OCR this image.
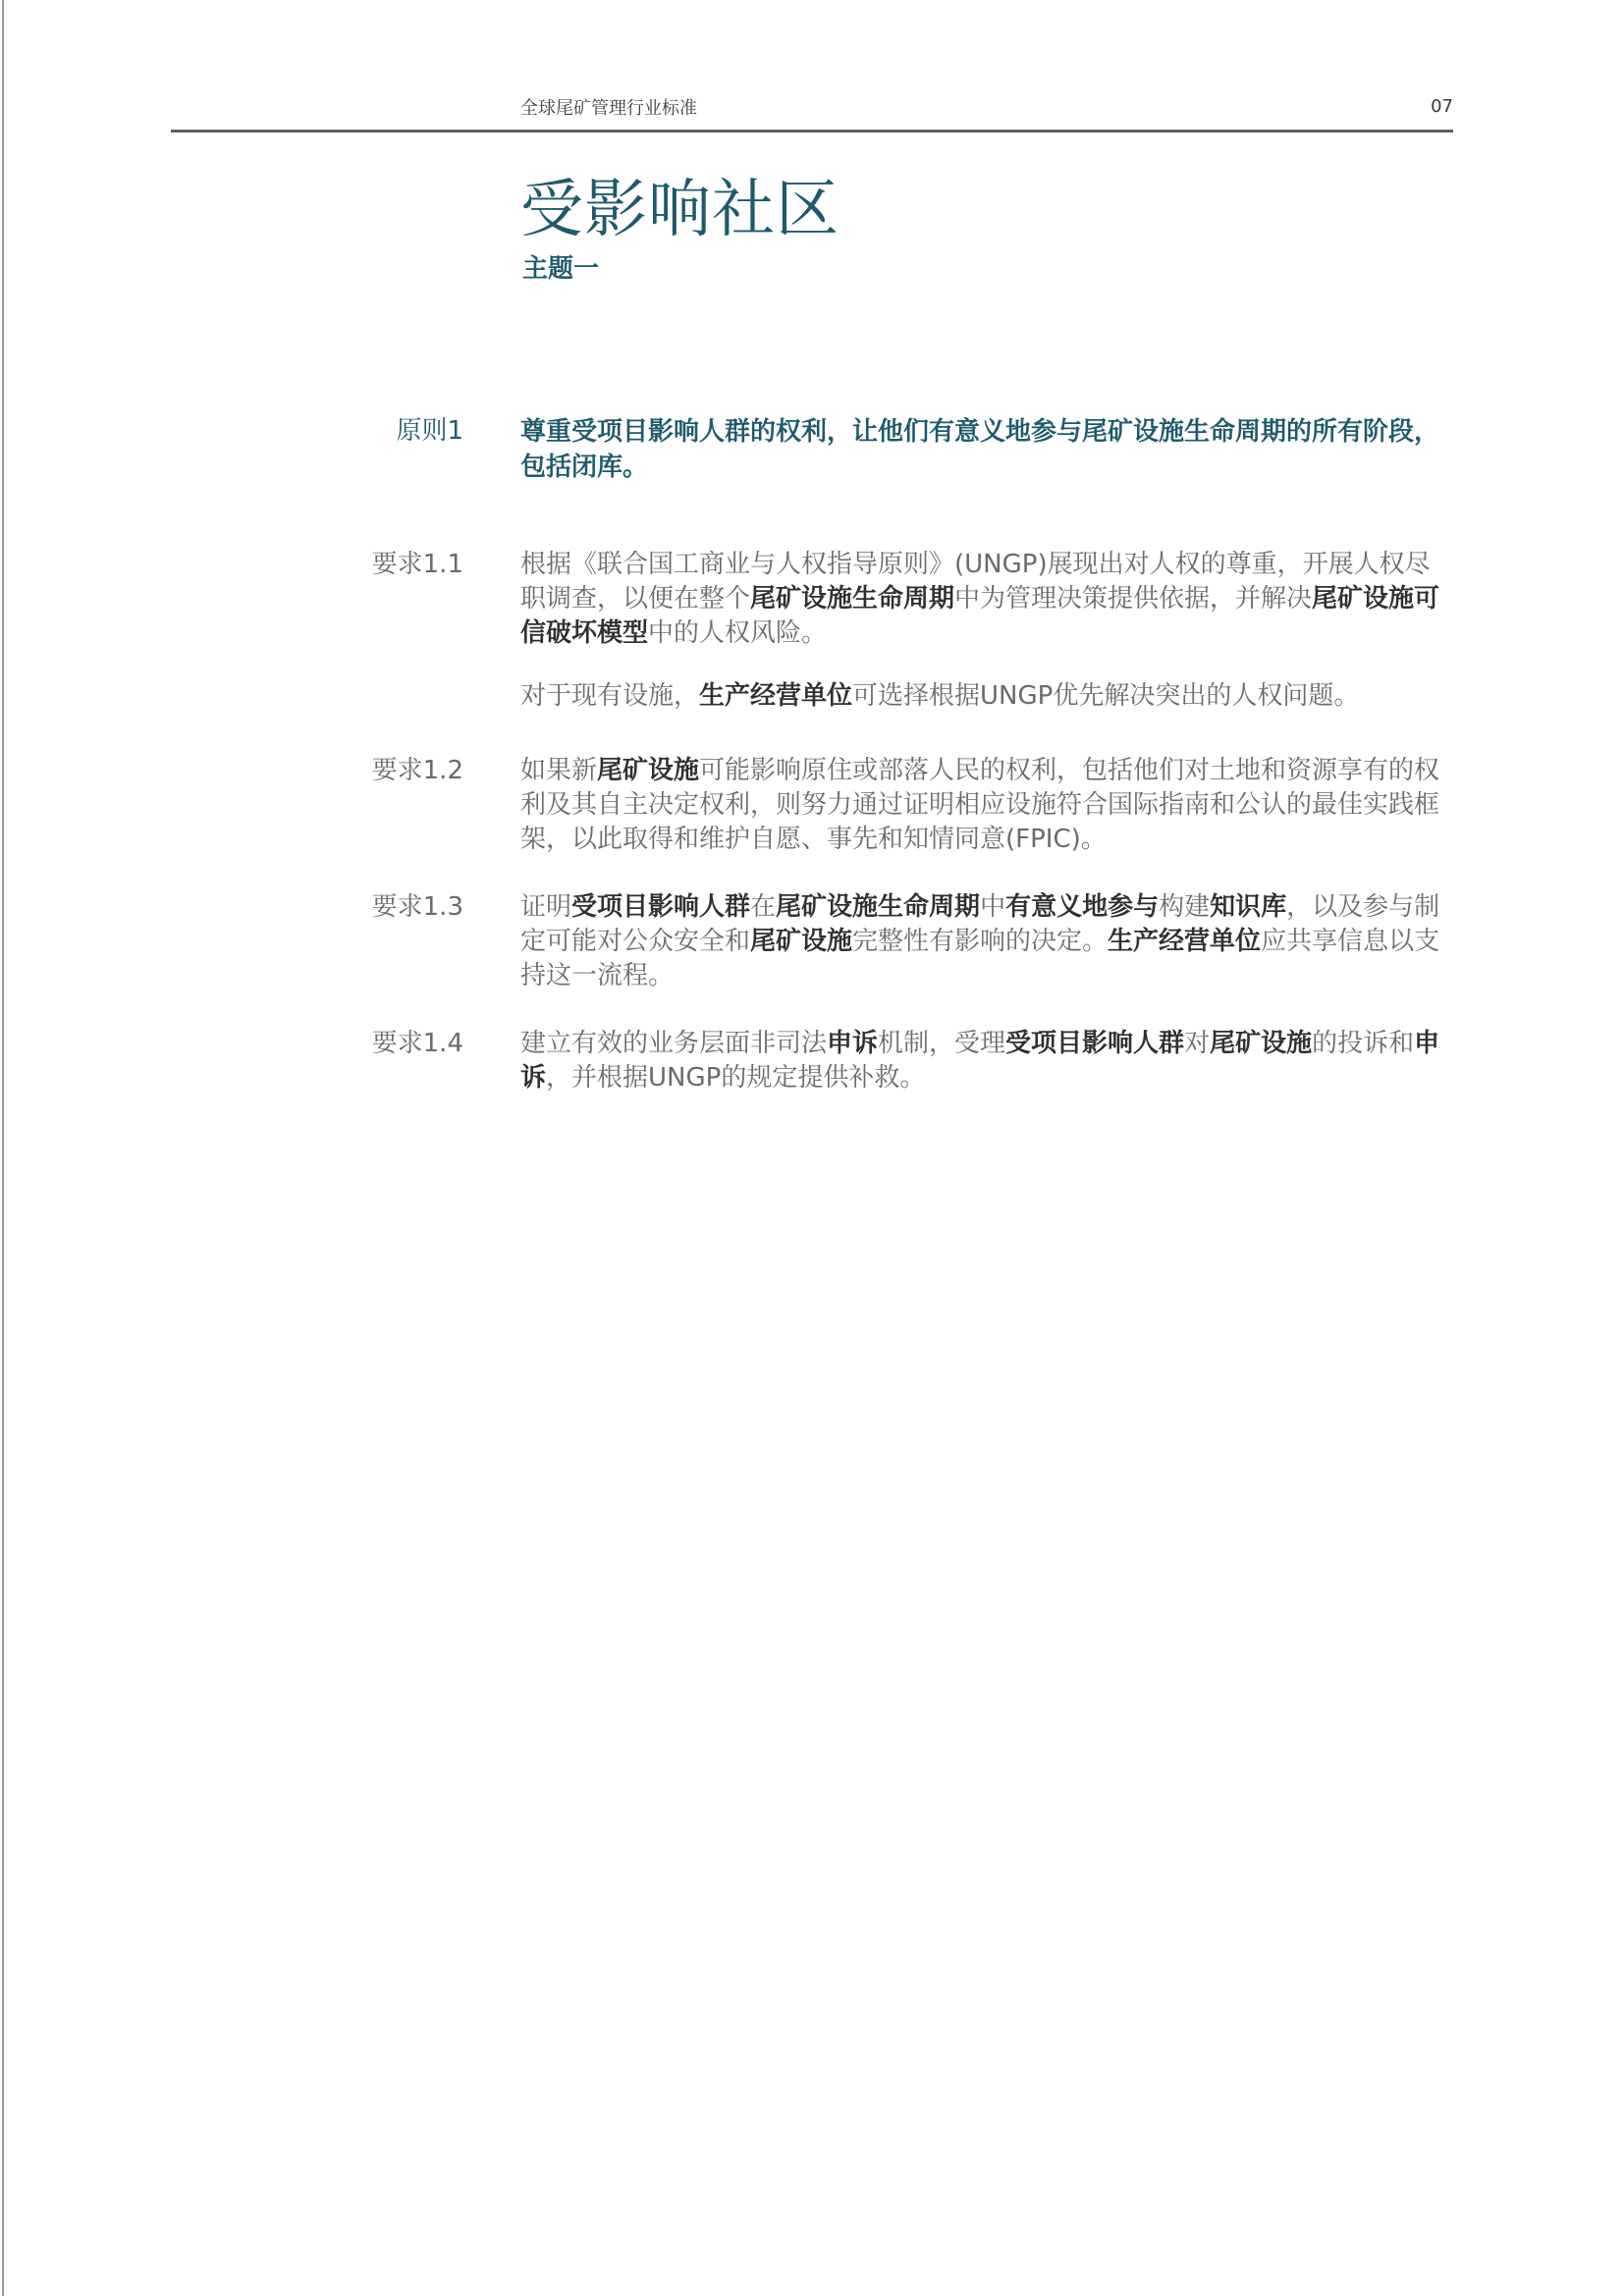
全球尾矿管理行业标准	07
受影响社区
主题一
原则1 尊重受项目影响人群的权利，让他们有意义地参与尾矿设施生命周期的所有阶段，包括闭库。

要求1.1 根据《联合国工商业与人权指导原则》(UNGP)展现出对人权的尊重，开展人权尽职调查，以便在整个尾矿设施生命周期中为管理决策提供依据，并解决尾矿设施可信破坏模型中的人权风险。

对于现有设施，生产经营单位可选择根据UNGP优先解决突出的人权问题。

要求1.2 如果新尾矿设施可能影响原住或部落人民的权利，包括他们对土地和资源享有的权利及其自主决定权利，则努力通过证明相应设施符合国际指南和公认的最佳实践框架，以此取得和维护自愿、事先和知情同意(FPIC)。

要求1.3 证明受项目影响人群在尾矿设施生命周期中有意义地参与构建知识库，以及参与制定可能对公众安全和尾矿设施完整性有影响的决定。生产经营单位应共享信息以支持这一流程。

要求1.4 建立有效的业务层面非司法申诉机制，受理受项目影响人群对尾矿设施的投诉和申诉，并根据UNGP的规定提供补救。
